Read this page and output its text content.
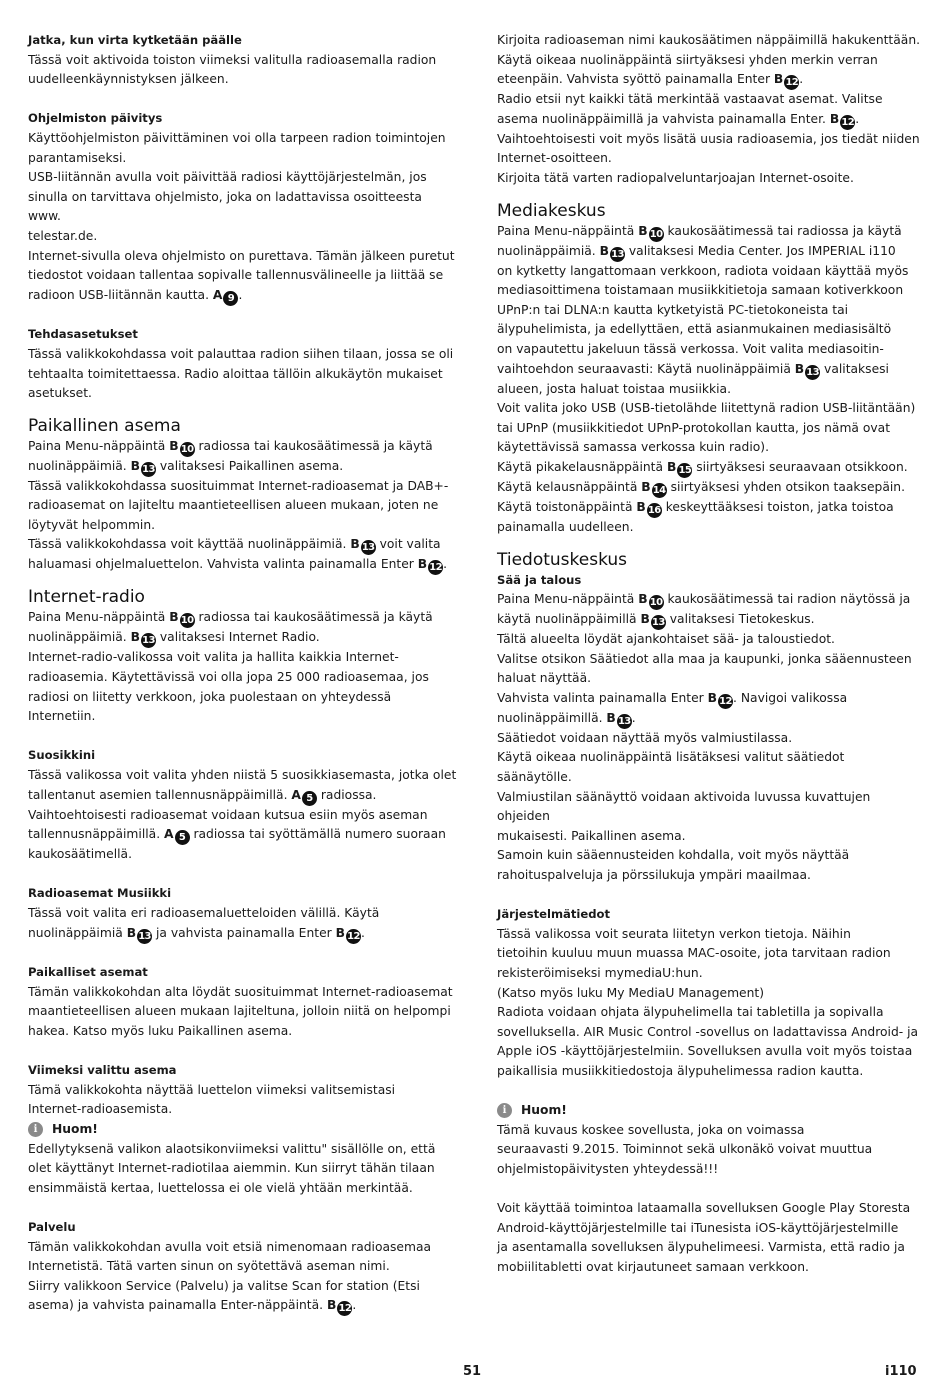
Jatka, kun virta kytketään päälle

Tässä voit aktivoida toiston viimeksi valitulla radioasemalla radion
uudelleenkäynnistyksen jälkeen.

Ohjelmiston päivitys

Käyttöohjelmiston päivittäminen voi olla tarpeen radion toimintojen
parantamiseksi.
USB-liitännän avulla voit päivittää radiosi käyttöjärjestelmän, jos
sinulla on tarvittava ohjelmisto, joka on ladattavissa osoitteesta www.
telestar.de.
Internet-sivulla oleva ohjelmisto on purettava. Tämän jälkeen puretut
tiedostot voidaan tallentaa sopivalle tallennusvälineelle ja liittää se
radioon USB-liitännän kautta. A 9 .

Tehdasasetukset

Tässä valikkokohdassa voit palauttaa radion siihen tilaan, jossa se oli
tehtaalta toimitettaessa. Radio aloittaa tällöin alkukäytön mukaiset
asetukset.

Paikallinen asema

Paina Menu-näppäintä B 10 radiossa tai kaukosäätimessä ja käytä
nuolinäppäimiä. B 13 valitaksesi Paikallinen asema.
Tässä valikkokohdassa suosituimmat Internet-radioasemat ja DAB+-
radioasemat on lajiteltu maantieteellisen alueen mukaan, joten ne
löytyvät helpommin.
Tässä valikkokohdassa voit käyttää nuolinäppäimiä. B 13 voit valita
haluamasi ohjelmaluettelon. Vahvista valinta painamalla Enter B 12.

Internet-radio

Paina Menu-näppäintä B 10 radiossa tai kaukosäätimessä ja käytä
nuolinäppäimiä. B 13 valitaksesi Internet Radio.
Internet-radio-valikossa voit valita ja hallita kaikkia Internet-
radioasemia. Käytettävissä voi olla jopa 25 000 radioasemaa, jos
radiosi on liitetty verkkoon, joka puolestaan on yhteydessä Internetiin.

Suosikkini

Tässä valikossa voit valita yhden niistä 5 suosikkiasemasta, jotka olet
tallentanut asemien tallennusnäppäimillä. A 5 radiossa.
Vaihtoehtoisesti radioasemat voidaan kutsua esiin myös aseman
tallennusnäppäimillä. A 5 radiossa tai syöttämällä numero suoraan
kaukosäätimellä.

Radioasemat Musiikki

Tässä voit valita eri radioasemaluetteloiden välillä. Käytä
nuolinäppäimiä B 13 ja vahvista painamalla Enter B 12.

Paikalliset asemat

Tämän valikkokohdan alta löydät suosituimmat Internet-radioasemat
maantieteellisen alueen mukaan lajiteltuna, jolloin niitä on helpompi
hakea. Katso myös luku Paikallinen asema.

Viimeksi valittu asema

Tämä valikkokohta näyttää luettelon viimeksi valitsemistasi
Internet-radioasemista.

i	Huom!

Edellytyksenä valikon alaotsikonviimeksi valittu" sisällölle on, että
olet käyttänyt Internet-radiotilaa aiemmin. Kun siirryt tähän tilaan
ensimmäistä kertaa, luettelossa ei ole vielä yhtään merkintää.

Palvelu

Tämän valikkokohdan avulla voit etsiä nimenomaan radioasemaa
Internetistä. Tätä varten sinun on syötettävä aseman nimi.
Siirry valikkoon Service (Palvelu) ja valitse Scan for station (Etsi
asema) ja vahvista painamalla Enter-näppäintä. B 12.

Kirjoita radioaseman nimi kaukosäätimen näppäimillä hakukenttään.
Käytä oikeaa nuolinäppäintä siirtyäksesi yhden merkin verran
eteenpäin. Vahvista syöttö painamalla Enter B 12.
Radio etsii nyt kaikki tätä merkintää vastaavat asemat. Valitse
asema nuolinäppäimillä ja vahvista painamalla Enter. B 12.
Vaihtoehtoisesti voit myös lisätä uusia radioasemia, jos tiedät niiden
Internet-osoitteen.
Kirjoita tätä varten radiopalveluntarjoajan Internet-osoite.

Mediakeskus

Paina Menu-näppäintä B 10 kaukosäätimessä tai radiossa ja käytä
nuolinäppäimiä. B 13 valitaksesi Media Center. Jos IMPERIAL i110
on kytketty langattomaan verkkoon, radiota voidaan käyttää myös
mediasoittimena toistamaan musiikkitietoja samaan kotiverkkoon
UPnP:n tai DLNA:n kautta kytketyistä PC-tietokoneista tai
älypuhelimista, ja edellyttäen, että asianmukainen mediasisältö
on vapautettu jakeluun tässä verkossa. Voit valita mediasoitin-
vaihtoehdon seuraavasti: Käytä nuolinäppäimiä B 13 valitaksesi
alueen, josta haluat toistaa musiikkia.
Voit valita joko USB (USB-tietolähde liitettynä radion USB-liitäntään)
tai UPnP (musiikkitiedot UPnP-protokollan kautta, jos nämä ovat
käytettävissä samassa verkossa kuin radio).
Käytä pikakelausnäppäintä B 15 siirtyäksesi seuraavaan otsikkoon.
Käytä kelausnäppäintä B 14 siirtyäksesi yhden otsikon taaksepäin.
Käytä toistonäppäintä B 16 keskeyttääksesi toiston, jatka toistoa
painamalla uudelleen.

Tiedotuskeskus

Sää ja talous

Paina Menu-näppäintä B 10 kaukosäätimessä tai radion näytössä ja
käytä nuolinäppäimillä B 13 valitaksesi Tietokeskus.
Tältä alueelta löydät ajankohtaiset sää- ja taloustiedot.
Valitse otsikon Säätiedot alla maa ja kaupunki, jonka sääennusteen
haluat näyttää.
Vahvista valinta painamalla Enter B 12. Navigoi valikossa
nuolinäppäimillä. B 13.
Säätiedot voidaan näyttää myös valmiustilassa.
Käytä oikeaa nuolinäppäintä lisätäksesi valitut säätiedot säänäytölle.
Valmiustilan säänäyttö voidaan aktivoida luvussa kuvattujen ohjeiden
mukaisesti. Paikallinen asema.
Samoin kuin sääennusteiden kohdalla, voit myös näyttää
rahoituspalveluja ja pörssilukuja ympäri maailmaa.

Järjestelmätiedot

Tässä valikossa voit seurata liitetyn verkon tietoja. Näihin
tietoihin kuuluu muun muassa MAC-osoite, jota tarvitaan radion
rekisteröimiseksi mymediaU:hun.
(Katso myös luku My MediaU Management)
Radiota voidaan ohjata älypuhelimella tai tabletilla ja sopivalla
sovelluksella. AIR Music Control -sovellus on ladattavissa Android- ja
Apple iOS -käyttöjärjestelmiin. Sovelluksen avulla voit myös toistaa
paikallisia musiikkitiedostoja älypuhelimessa radion kautta.

i	Huom!

Tämä kuvaus koskee sovellusta, joka on voimassa
seuraavasti 9.2015. Toiminnot sekä ulkonäkö voivat muuttua
ohjelmistopäivitysten yhteydessä!!!

Voit käyttää toimintoa lataamalla sovelluksen Google Play Storesta
Android-käyttöjärjestelmille tai iTunesista iOS-käyttöjärjestelmille
ja asentamalla sovelluksen älypuhelimeesi. Varmista, että radio ja
mobiilitabletti ovat kirjautuneet samaan verkkoon.

51	i110
